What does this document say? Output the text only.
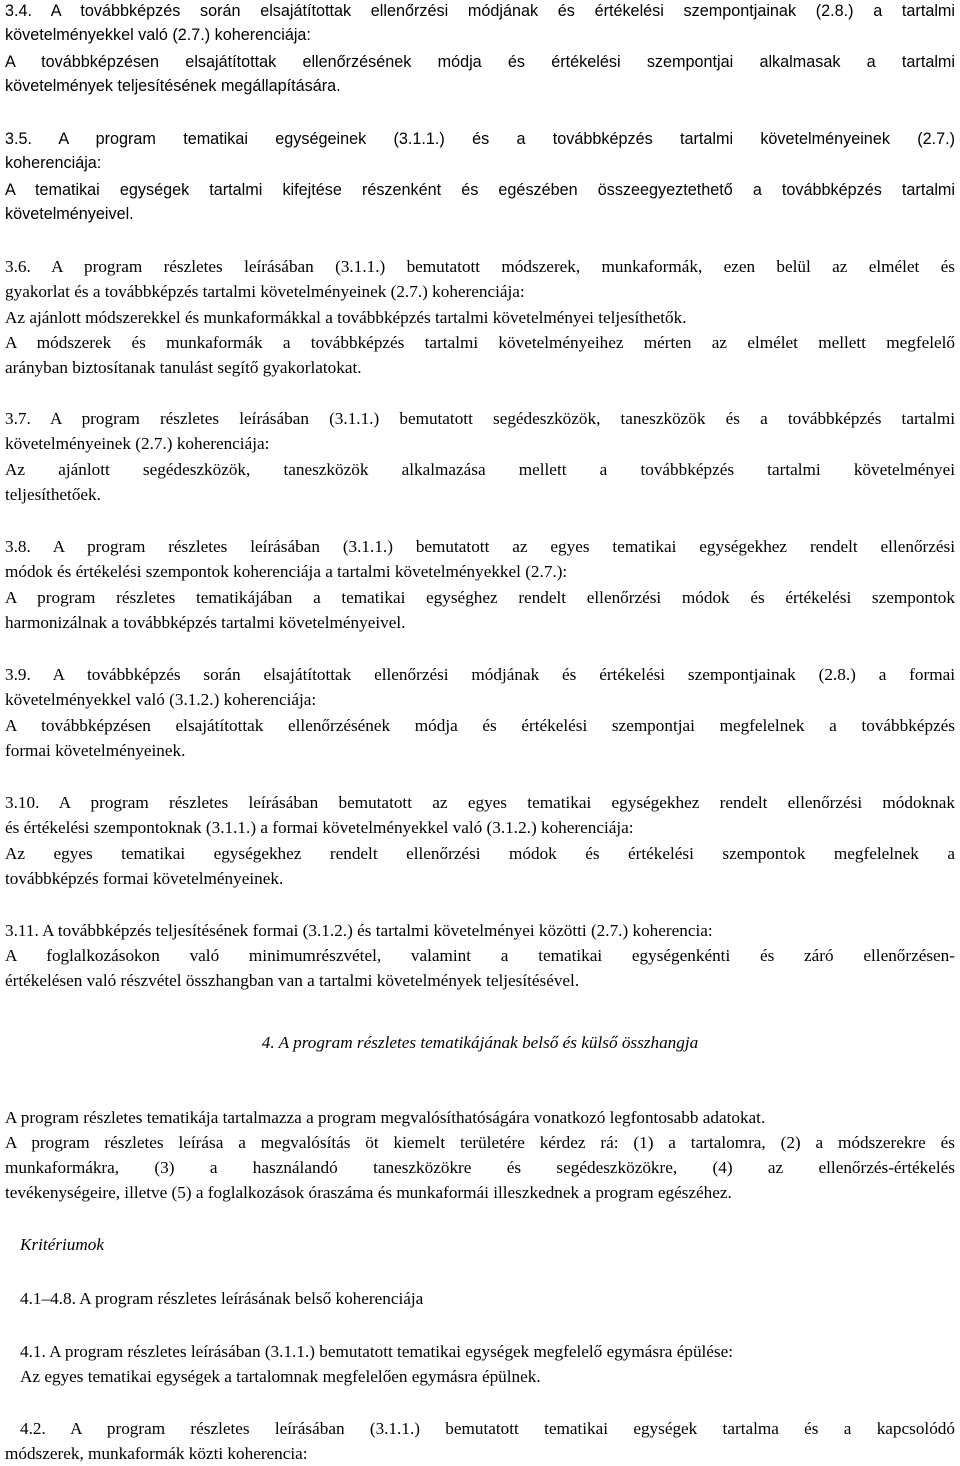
3.4. A továbbképzés során elsajátítottak ellenőrzési módjának és értékelési szempontjainak (2.8.) a tartalmi
követelményekkel való (2.7.) koherenciája:
A továbbképzésen elsajátítottak ellenőrzésének módja és értékelési szempontjai alkalmasak a tartalmi
követelmények teljesítésének megállapítására.
3.5. A program tematikai egységeinek (3.1.1.) és a továbbképzés tartalmi követelményeinek (2.7.)
koherenciája:
A tematikai egységek tartalmi kifejtése részenként és egészében összeegyeztethető a továbbképzés tartalmi
követelményeivel.
3.6. A program részletes leírásában (3.1.1.) bemutatott módszerek, munkaformák, ezen belül az elmélet és
gyakorlat és a továbbképzés tartalmi követelményeinek (2.7.) koherenciája:
Az ajánlott módszerekkel és munkaformákkal a továbbképzés tartalmi követelményei teljesíthetők.
A módszerek és munkaformák a továbbképzés tartalmi követelményeihez mérten az elmélet mellett megfelelő
arányban biztosítanak tanulást segítő gyakorlatokat.
3.7. A program részletes leírásában (3.1.1.) bemutatott segédeszközök, taneszközök és a továbbképzés tartalmi
követelményeinek (2.7.) koherenciája:
Az ajánlott segédeszközök, taneszközök alkalmazása mellett a továbbképzés tartalmi követelményei
teljesíthetőek.
3.8. A program részletes leírásában (3.1.1.) bemutatott az egyes tematikai egységekhez rendelt ellenőrzési
módok és értékelési szempontok koherenciája a tartalmi követelményekkel (2.7.):
A program részletes tematikájában a tematikai egységhez rendelt ellenőrzési módok és értékelési szempontok
harmonizálnak a továbbképzés tartalmi követelményeivel.
3.9. A továbbképzés során elsajátítottak ellenőrzési módjának és értékelési szempontjainak (2.8.) a formai
követelményekkel való (3.1.2.) koherenciája:
A továbbképzésen elsajátítottak ellenőrzésének módja és értékelési szempontjai megfelelnek a továbbképzés
formai követelményeinek.
3.10. A program részletes leírásában bemutatott az egyes tematikai egységekhez rendelt ellenőrzési módoknak
és értékelési szempontoknak (3.1.1.) a formai követelményekkel való (3.1.2.) koherenciája:
Az egyes tematikai egységekhez rendelt ellenőrzési módok és értékelési szempontok megfelelnek a
továbbképzés formai követelményeinek.
3.11. A továbbképzés teljesítésének formai (3.1.2.) és tartalmi követelményei közötti (2.7.) koherencia:
A foglalkozásokon való minimumrészvétel, valamint a tematikai egységenkénti és záró ellenőrzésen-
értékelésen való részvétel összhangban van a tartalmi követelmények teljesítésével.
4. A program részletes tematikájának belső és külső összhangja
A program részletes tematikája tartalmazza a program megvalósíthatóságára vonatkozó legfontosabb adatokat.
A program részletes leírása a megvalósítás öt kiemelt területére kérdez rá: (1) a tartalomra, (2) a módszerekre és
munkaformákra, (3) a használandó taneszközökre és segédeszközökre, (4) az ellenőrzés-értékelés
tevékenységeire, illetve (5) a foglalkozások óraszáma és munkaformái illeszkednek a program egészéhez.
Kritériumok
4.1–4.8. A program részletes leírásának belső koherenciája
4.1. A program részletes leírásában (3.1.1.) bemutatott tematikai egységek megfelelő egymásra épülése:
Az egyes tematikai egységek a tartalomnak megfelelően egymásra épülnek.
4.2. A program részletes leírásában (3.1.1.) bemutatott tematikai egységek tartalma és a kapcsolódó
módszerek, munkaformák közti koherencia:
